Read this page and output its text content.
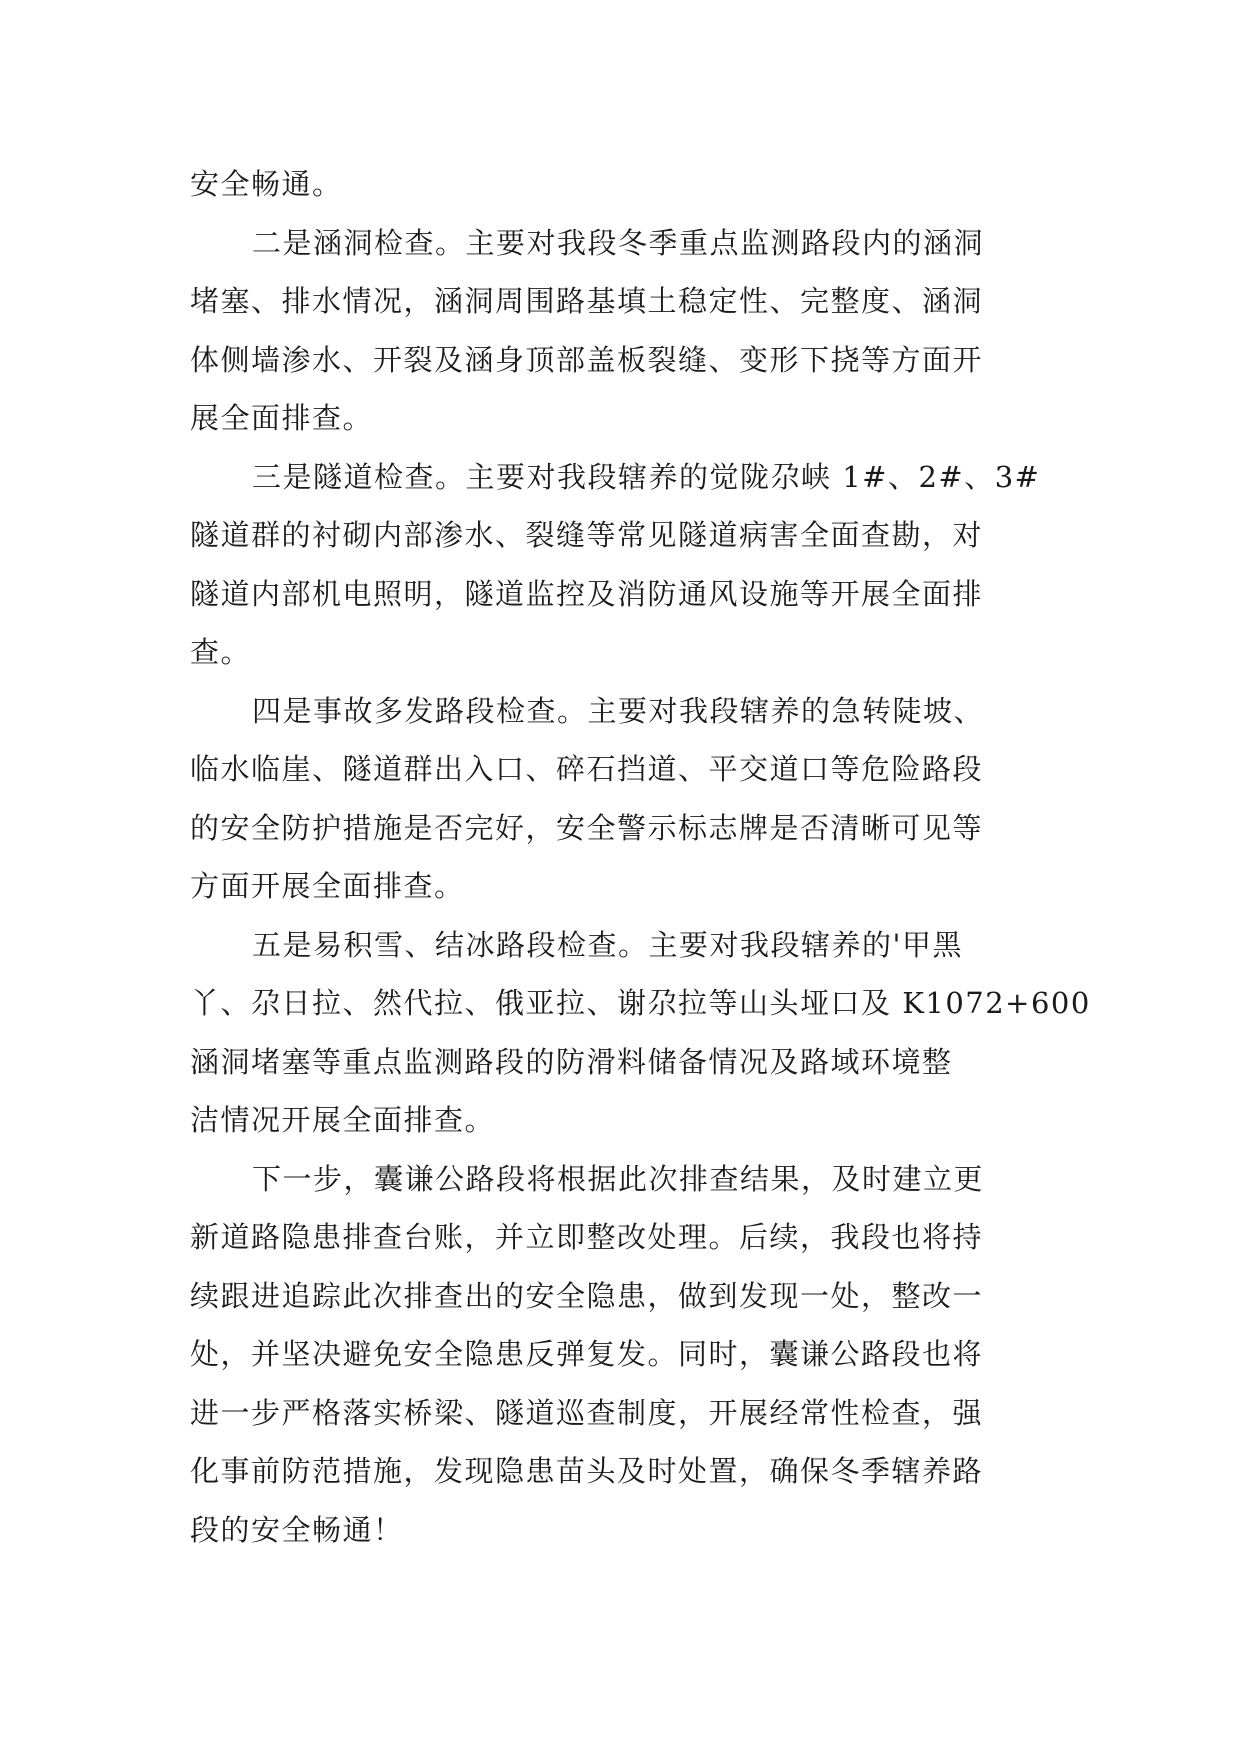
安全畅通。
二是涵洞检查。主要对我段冬季重点监测路段内的涵洞
堵塞、排水情况，涵洞周围路基填土稳定性、完整度、涵洞
体侧墙渗水、开裂及涵身顶部盖板裂缝、变形下挠等方面开
展全面排查。
三是隧道检查。主要对我段辖养的觉陇尕峡 1#、2#、3#
隧道群的衬砌内部渗水、裂缝等常见隧道病害全面查勘，对
隧道内部机电照明，隧道监控及消防通风设施等开展全面排
查。
四是事故多发路段检查。主要对我段辖养的急转陡坡、
临水临崖、隧道群出入口、碎石挡道、平交道口等危险路段
的安全防护措施是否完好，安全警示标志牌是否清晰可见等
方面开展全面排查。
五是易积雪、结冰路段检查。主要对我段辖养的'甲黑
丫、尕日拉、然代拉、俄亚拉、谢尕拉等山头垭口及 K1072+600
涵洞堵塞等重点监测路段的防滑料储备情况及路域环境整
洁情况开展全面排查。
下一步，囊谦公路段将根据此次排查结果，及时建立更
新道路隐患排查台账，并立即整改处理。后续，我段也将持
续跟进追踪此次排查出的安全隐患，做到发现一处，整改一
处，并坚决避免安全隐患反弹复发。同时，囊谦公路段也将
进一步严格落实桥梁、隧道巡查制度，开展经常性检查，强
化事前防范措施，发现隐患苗头及时处置，确保冬季辖养路
段的安全畅通！
